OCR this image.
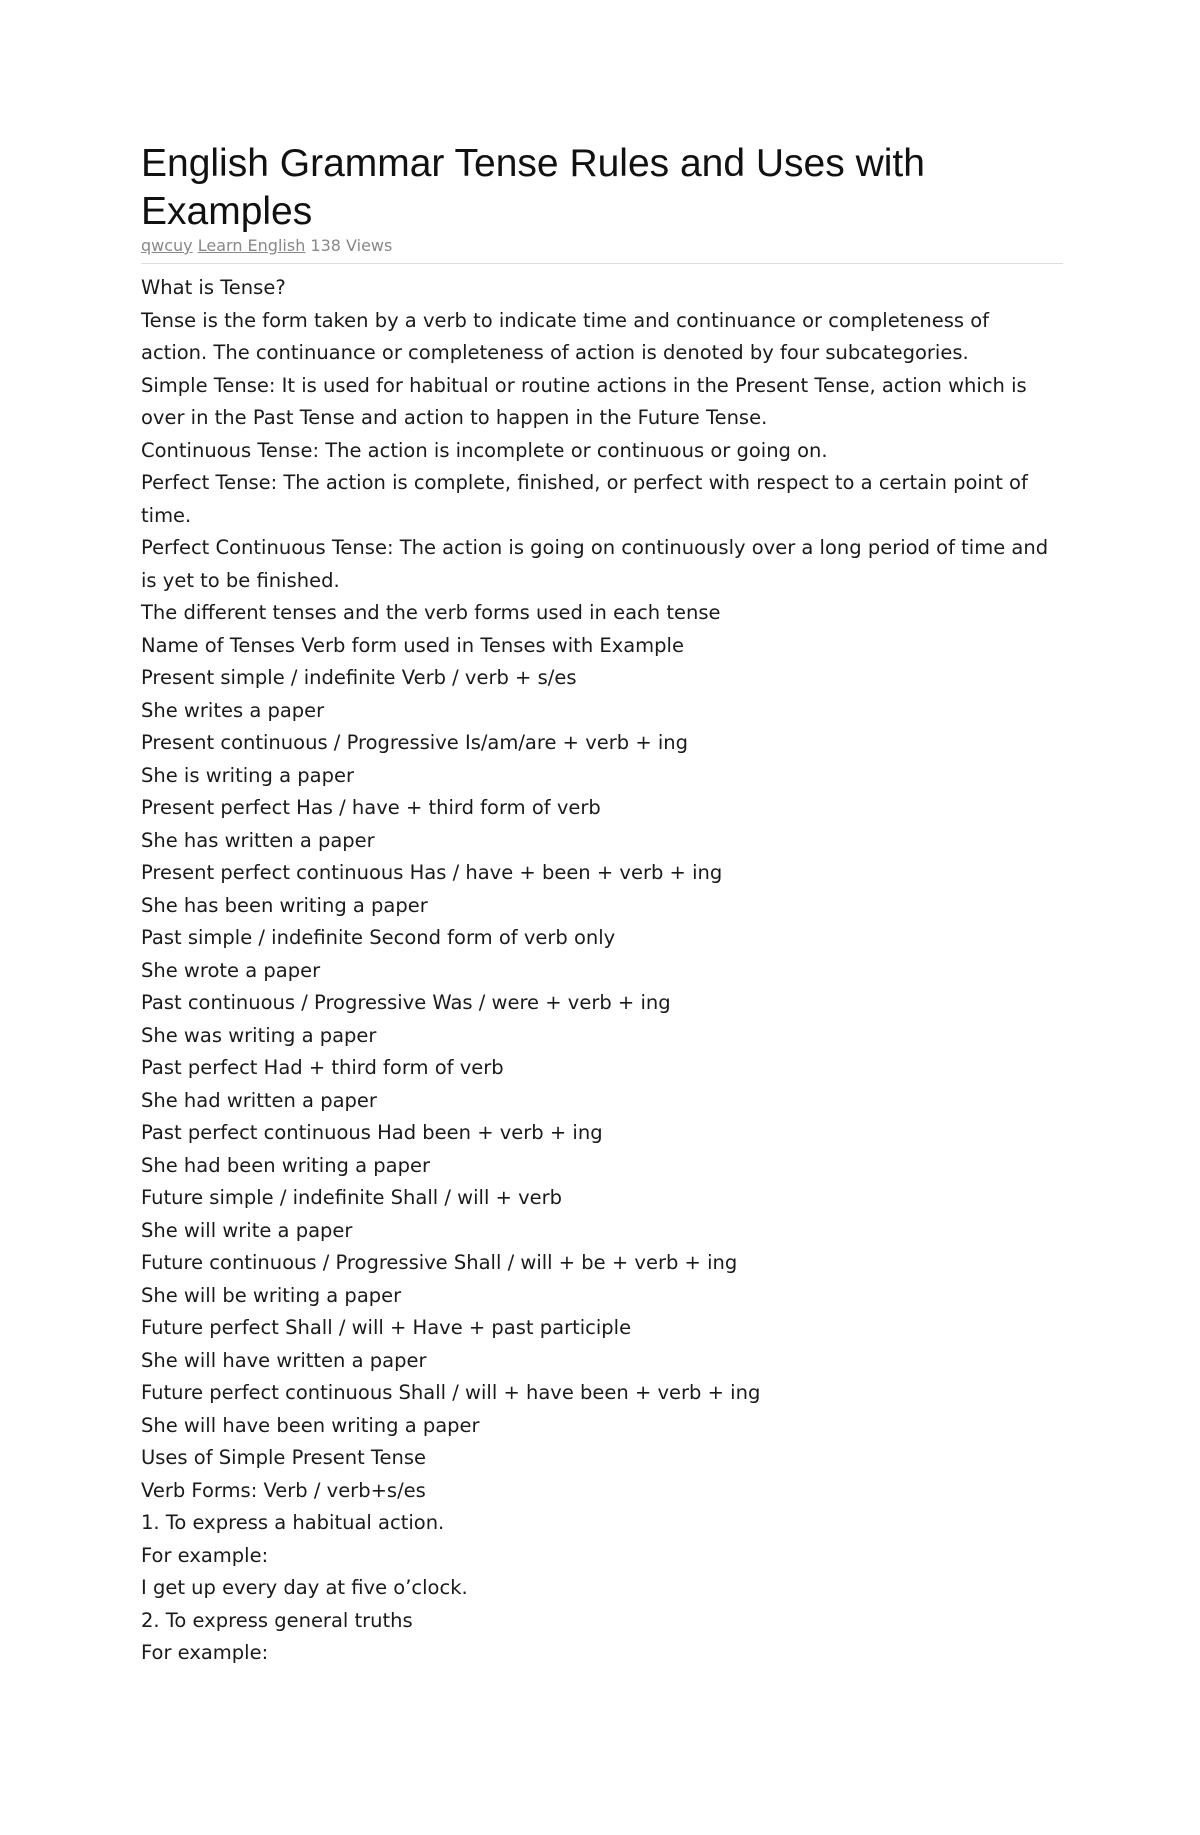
English Grammar Tense Rules and Uses with
Examples
qwcuy Learn English 138 Views
What is Tense?
Tense is the form taken by a verb to indicate time and continuance or completeness of
action. The continuance or completeness of action is denoted by four subcategories.
Simple Tense: It is used for habitual or routine actions in the Present Tense, action which is
over in the Past Tense and action to happen in the Future Tense.
Continuous Tense: The action is incomplete or continuous or going on.
Perfect Tense: The action is complete, finished, or perfect with respect to a certain point of
time.
Perfect Continuous Tense: The action is going on continuously over a long period of time and
is yet to be finished.
The different tenses and the verb forms used in each tense
Name of Tenses Verb form used in Tenses with Example
Present simple / indefinite Verb / verb + s/es
She writes a paper
Present continuous / Progressive Is/am/are + verb + ing
She is writing a paper
Present perfect Has / have + third form of verb
She has written a paper
Present perfect continuous Has / have + been + verb + ing
She has been writing a paper
Past simple / indefinite Second form of verb only
She wrote a paper
Past continuous / Progressive Was / were + verb + ing
She was writing a paper
Past perfect Had + third form of verb
She had written a paper
Past perfect continuous Had been + verb + ing
She had been writing a paper
Future simple / indefinite Shall / will + verb
She will write a paper
Future continuous / Progressive Shall / will + be + verb + ing
She will be writing a paper
Future perfect Shall / will + Have + past participle
She will have written a paper
Future perfect continuous Shall / will + have been + verb + ing
She will have been writing a paper
Uses of Simple Present Tense
Verb Forms: Verb / verb+s/es
1. To express a habitual action.
For example:
I get up every day at five o’clock.
2. To express general truths
For example:
